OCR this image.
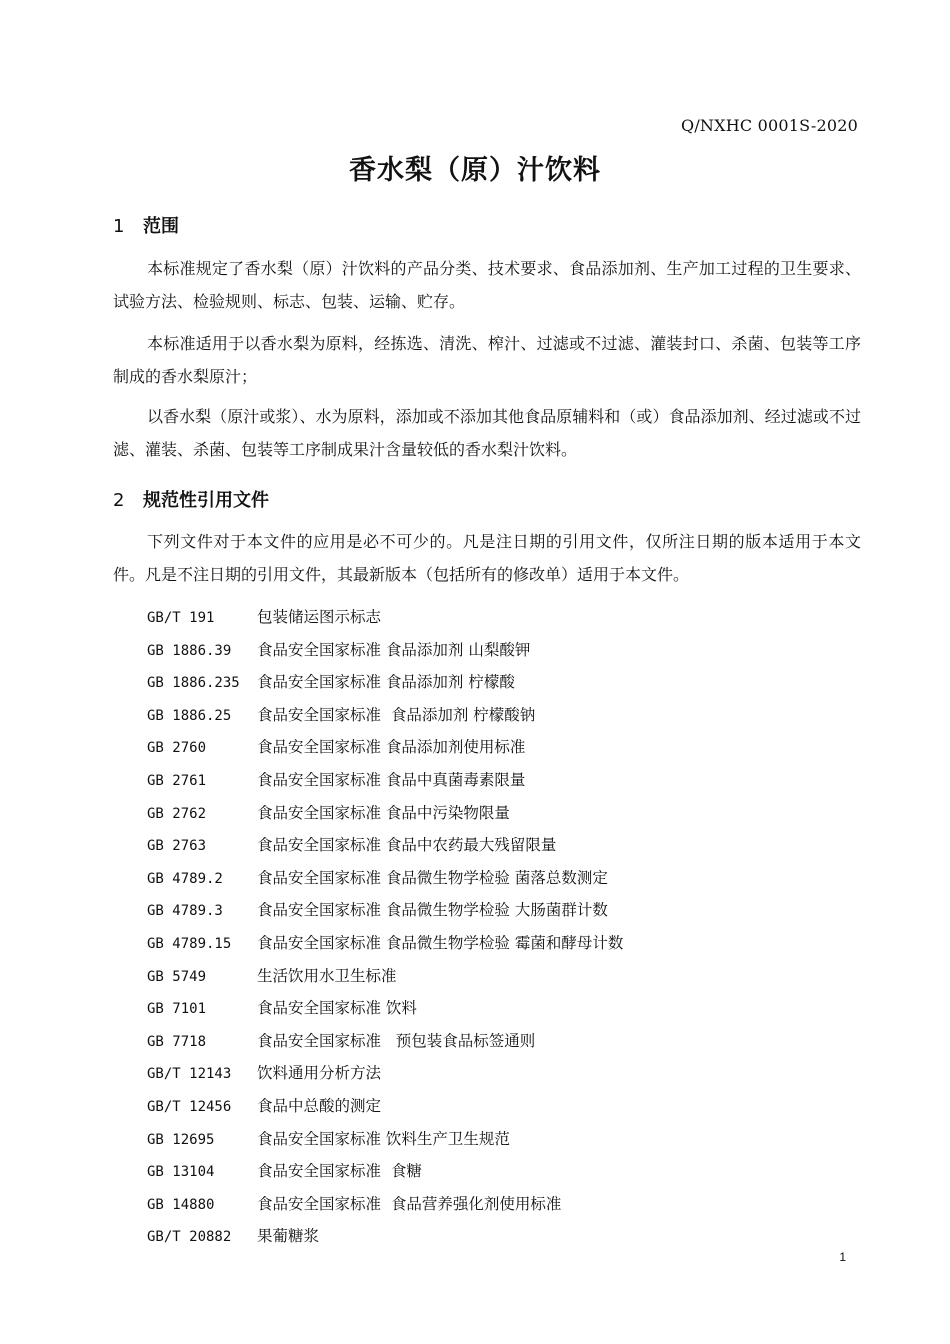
Q/NXHC 0001S-2020
香水梨（原）汁饮料
1 范围
本标准规定了香水梨（原）汁饮料的产品分类、技术要求、食品添加剂、生产加工过程的卫生要求、试验方法、检验规则、标志、包装、运输、贮存。
本标准适用于以香水梨为原料，经拣选、清洗、榨汁、过滤或不过滤、灌装封口、杀菌、包装等工序制成的香水梨原汁；
以香水梨（原汁或浆）、水为原料，添加或不添加其他食品原辅料和（或）食品添加剂、经过滤或不过滤、灌装、杀菌、包装等工序制成果汁含量较低的香水梨汁饮料。
2 规范性引用文件
下列文件对于本文件的应用是必不可少的。凡是注日期的引用文件，仅所注日期的版本适用于本文件。凡是不注日期的引用文件，其最新版本（包括所有的修改单）适用于本文件。
GB/T 191	包装储运图示标志
GB 1886.39 食品安全国家标准 食品添加剂 山梨酸钾
GB 1886.235 食品安全国家标准 食品添加剂 柠檬酸
GB 1886.25 食品安全国家标准  食品添加剂 柠檬酸钠
GB 2760	食品安全国家标准 食品添加剂使用标准
GB 2761	食品安全国家标准 食品中真菌毒素限量
GB 2762	食品安全国家标准 食品中污染物限量
GB 2763	食品安全国家标准 食品中农药最大残留限量
GB 4789.2 食品安全国家标准 食品微生物学检验 菌落总数测定
GB 4789.3 食品安全国家标准 食品微生物学检验 大肠菌群计数
GB 4789.15 食品安全国家标准 食品微生物学检验 霉菌和酵母计数
GB 5749	生活饮用水卫生标准
GB 7101	食品安全国家标准 饮料
GB 7718	食品安全国家标准   预包装食品标签通则
GB/T 12143 饮料通用分析方法
GB/T 12456 食品中总酸的测定
GB 12695	食品安全国家标准 饮料生产卫生规范
GB 13104	食品安全国家标准  食糖
GB 14880	食品安全国家标准  食品营养强化剂使用标准
GB/T 20882 果葡糖浆
1
